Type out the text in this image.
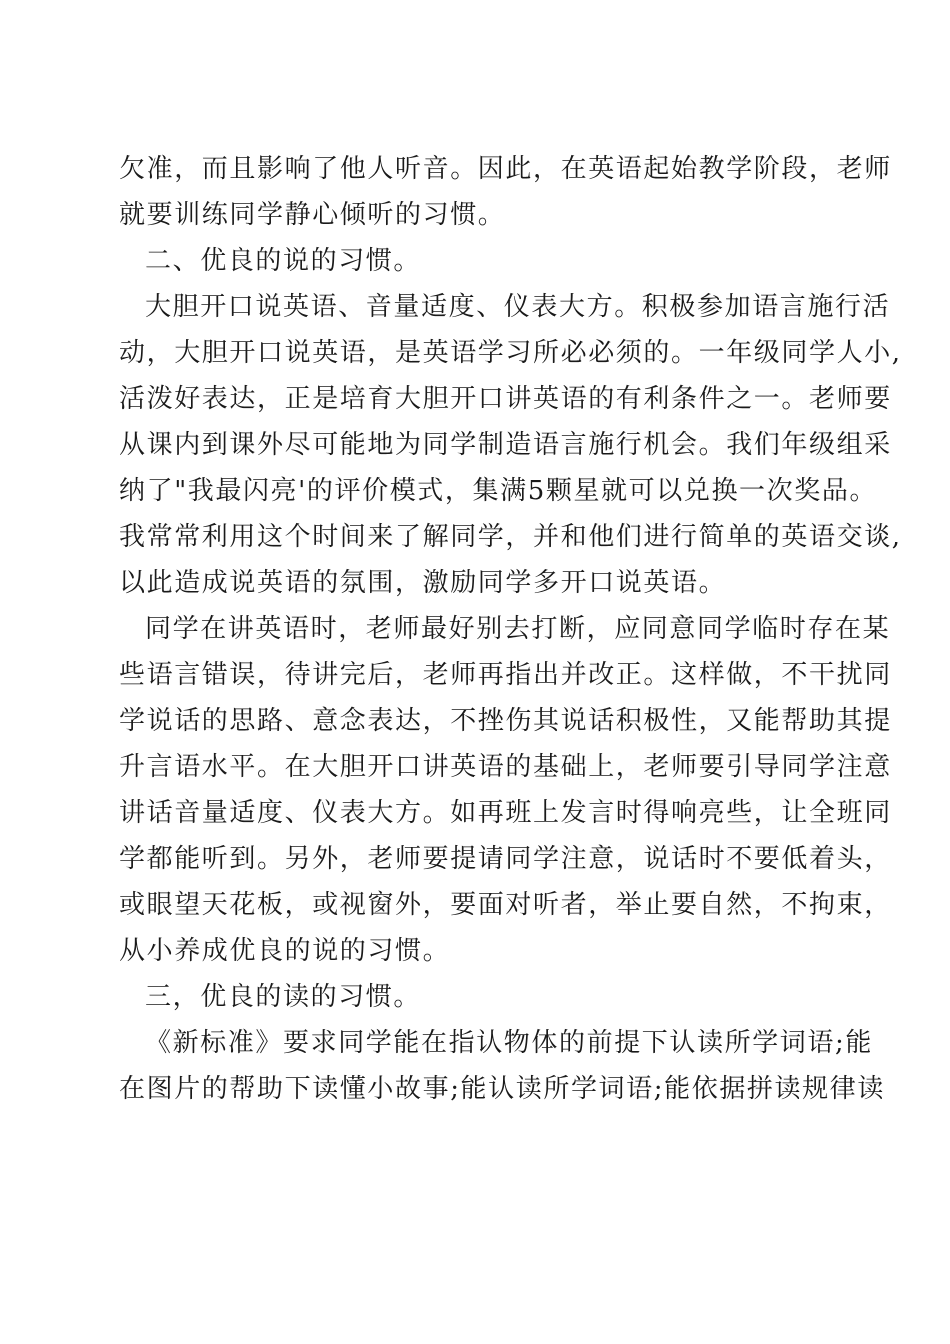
欠准，而且影响了他人听音。因此，在英语起始教学阶段，老师
就要训练同学静心倾听的习惯。
二、优良的说的习惯。
大胆开口说英语、音量适度、仪表大方。积极参加语言施行活
动，大胆开口说英语，是英语学习所必必须的。一年级同学人小,
活泼好表达，正是培育大胆开口讲英语的有利条件之一。老师要
从课内到课外尽可能地为同学制造语言施行机会。我们年级组采
纳了"我最闪亮'的评价模式，集满5颗星就可以兑换一次奖品。
我常常利用这个时间来了解同学，并和他们进行简单的英语交谈,
以此造成说英语的氛围，激励同学多开口说英语。
同学在讲英语时，老师最好别去打断，应同意同学临时存在某
些语言错误，待讲完后，老师再指出并改正。这样做，不干扰同
学说话的思路、意念表达，不挫伤其说话积极性，又能帮助其提
升言语水平。在大胆开口讲英语的基础上，老师要引导同学注意
讲话音量适度、仪表大方。如再班上发言时得响亮些，让全班同
学都能听到。另外，老师要提请同学注意，说话时不要低着头，
或眼望天花板，或视窗外，要面对听者，举止要自然，不拘束，
从小养成优良的说的习惯。
三，优良的读的习惯。
《新标准》要求同学能在指认物体的前提下认读所学词语;能
在图片的帮助下读懂小故事;能认读所学词语;能依据拼读规律读
